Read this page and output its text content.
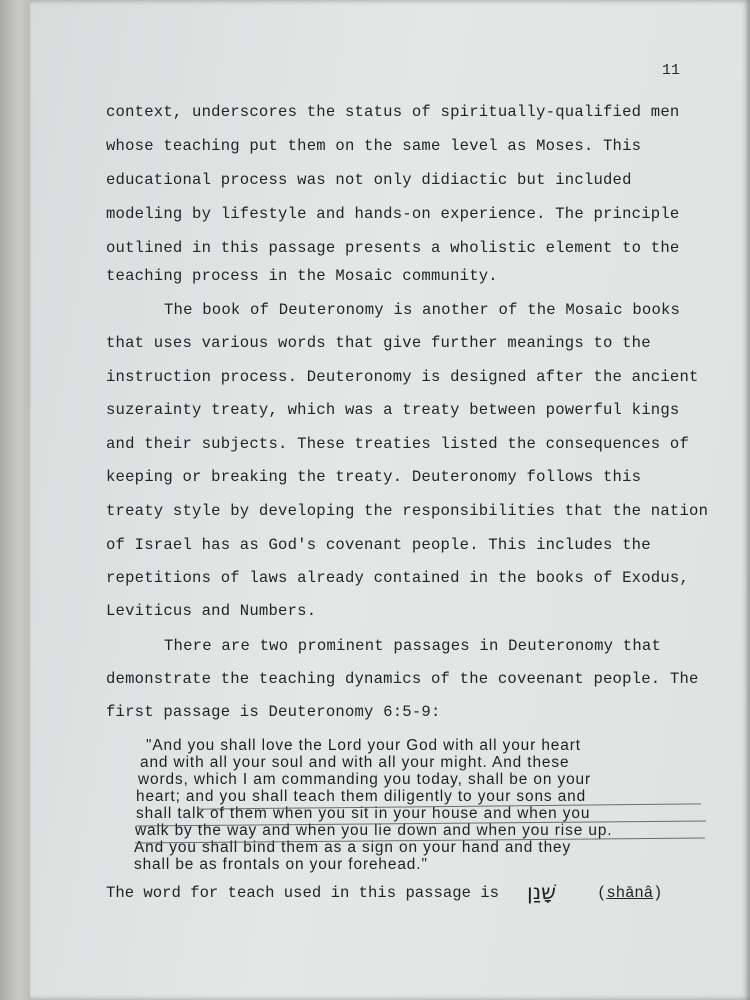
11
context, underscores the status of spiritually-qualified men
whose teaching put them on the same level as Moses. This
educational process was not only didiactic but included
modeling by lifestyle and hands-on experience. The principle
outlined in this passage presents a wholistic element to the
teaching process in the Mosaic community.
The book of Deuteronomy is another of the Mosaic books
that uses various words that give further meanings to the
instruction process. Deuteronomy is designed after the ancient
suzerainty treaty, which was a treaty between powerful kings
and their subjects. These treaties listed the consequences of
keeping or breaking the treaty. Deuteronomy follows this
treaty style by developing the responsibilities that the nation
of Israel has as God's covenant people. This includes the
repetitions of laws already contained in the books of Exodus,
Leviticus and Numbers.
There are two prominent passages in Deuteronomy that
demonstrate the teaching dynamics of the coveenant people. The
first passage is Deuteronomy 6:5-9:
"And you shall love the Lord your God with all your heart
and with all your soul and with all your might. And these
words, which I am commanding you today, shall be on your
heart; and you shall teach them diligently to your sons and
shall talk of them when you sit in your house and when you
walk by the way and when you lie down and when you rise up.
And you shall bind them as a sign on your hand and they
shall be as frontals on your forehead."
The word for teach used in this passage is שָׁנַן	(shānâ)
